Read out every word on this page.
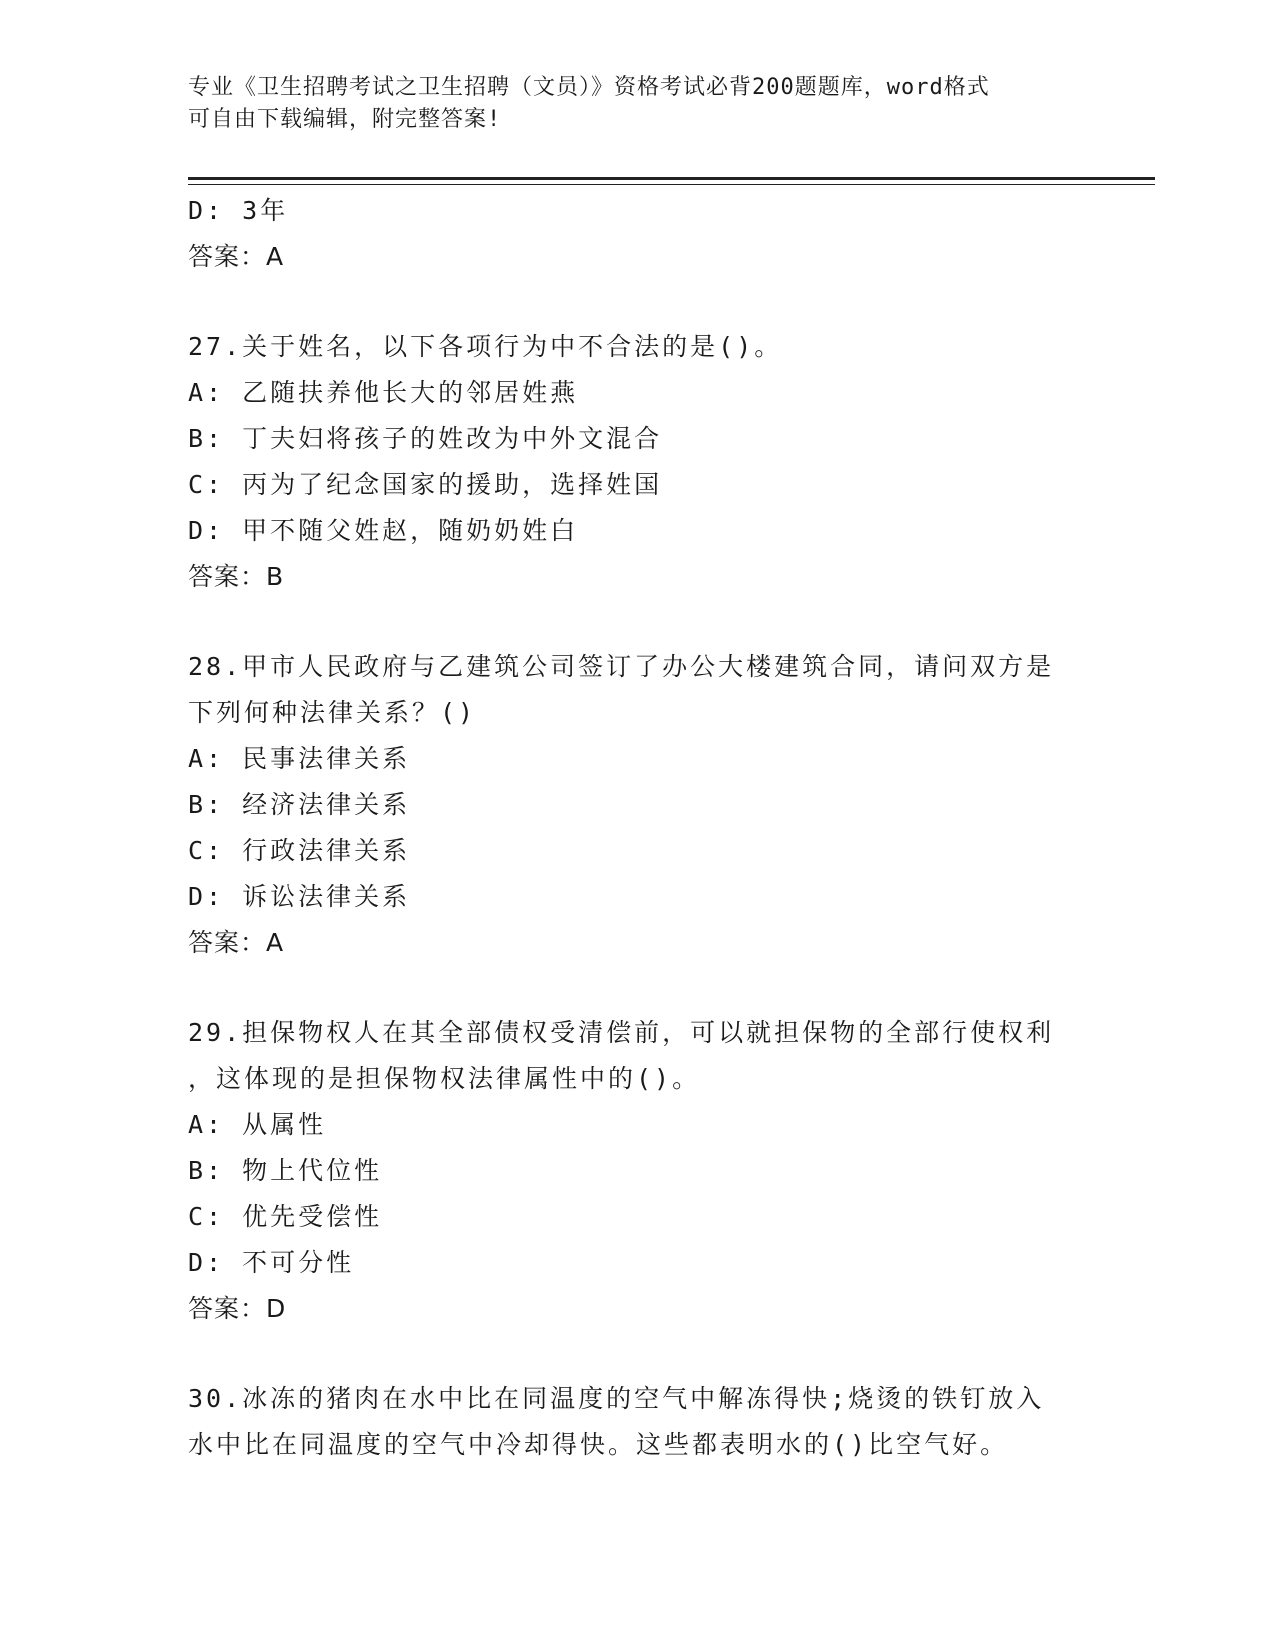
专业《卫生招聘考试之卫生招聘（文员）》资格考试必背200题题库，word格式
可自由下载编辑，附完整答案!
D: 3年
答案：A
27.关于姓名，以下各项行为中不合法的是()。
A: 乙随扶养他长大的邻居姓燕
B: 丁夫妇将孩子的姓改为中外文混合
C: 丙为了纪念国家的援助，选择姓国
D: 甲不随父姓赵，随奶奶姓白
答案：B
28.甲市人民政府与乙建筑公司签订了办公大楼建筑合同，请问双方是
下列何种法律关系？()
A: 民事法律关系
B: 经济法律关系
C: 行政法律关系
D: 诉讼法律关系
答案：A
29.担保物权人在其全部债权受清偿前，可以就担保物的全部行使权利
，这体现的是担保物权法律属性中的()。
A: 从属性
B: 物上代位性
C: 优先受偿性
D: 不可分性
答案：D
30.冰冻的猪肉在水中比在同温度的空气中解冻得快;烧烫的铁钉放入
水中比在同温度的空气中冷却得快。这些都表明水的()比空气好。
